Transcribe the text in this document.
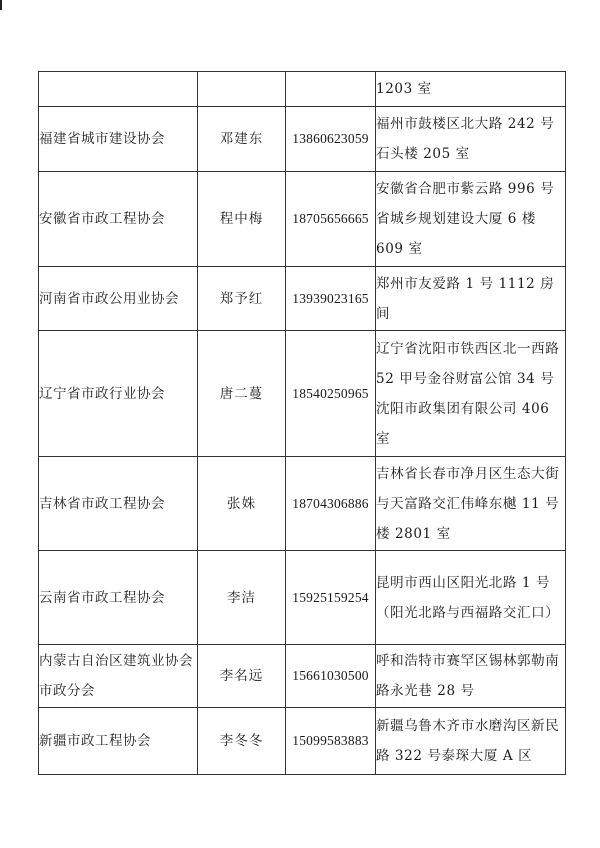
			1203 室

福建省城市建设协会	邓建东	13860623059	福州市鼓楼区北大路 242 号石头楼 205 室

安徽省市政工程协会	程中梅	18705656665	安徽省合肥市紫云路 996 号省城乡规划建设大厦 6 楼 609 室

河南省市政公用业协会	郑予红	13939023165	郑州市友爱路 1 号 1112 房间

辽宁省市政行业协会	唐二蔓	18540250965	辽宁省沈阳市铁西区北一西路 52 甲号金谷财富公馆 34 号沈阳市政集团有限公司 406 室

吉林省市政工程协会	张姝	18704306886	吉林省长春市净月区生态大街与天富路交汇伟峰东樾 11 号楼 2801 室

云南省市政工程协会	李洁	15925159254	昆明市西山区阳光北路 1 号（阳光北路与西福路交汇口）

内蒙古自治区建筑业协会市政分会	李名远	15661030500	呼和浩特市赛罕区锡林郭勒南路永光巷 28 号

新疆市政工程协会	李冬冬	15099583883	新疆乌鲁木齐市水磨沟区新民路 322 号泰琛大厦 A 区
